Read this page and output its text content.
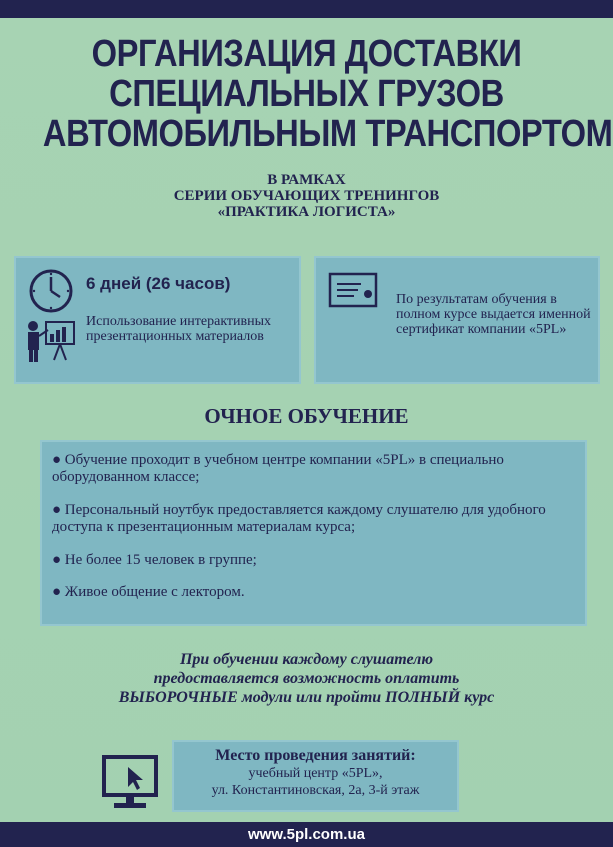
ОРГАНИЗАЦИЯ ДОСТАВКИ
СПЕЦИАЛЬНЫХ ГРУЗОВ
АВТОМОБИЛЬНЫМ ТРАНСПОРТОМ
В РАМКАХ
СЕРИИ ОБУЧАЮЩИХ ТРЕНИНГОВ
«ПРАКТИКА ЛОГИСТА»
6 дней (26 часов)
Использование интерактивных презентационных материалов
По результатам обучения в полном курсе выдается именной сертификат компании «5PL»
ОЧНОЕ ОБУЧЕНИЕ

● Обучение проходит в учебном центре компании «5PL» в специально оборудованном классе;

● Персональный ноутбук предоставляется каждому слушателю для удобного доступа к презентационным материалам курса;

● Не более 15 человек в группе;

● Живое общение с лектором.

При обучении каждому слушателю
предоставляется возможность оплатить
ВЫБОРОЧНЫЕ модули или пройти ПОЛНЫЙ курс
Место проведения занятий:
учебный центр «5PL»,
ул. Константиновская, 2а, 3-й этаж
www.5pl.com.ua
